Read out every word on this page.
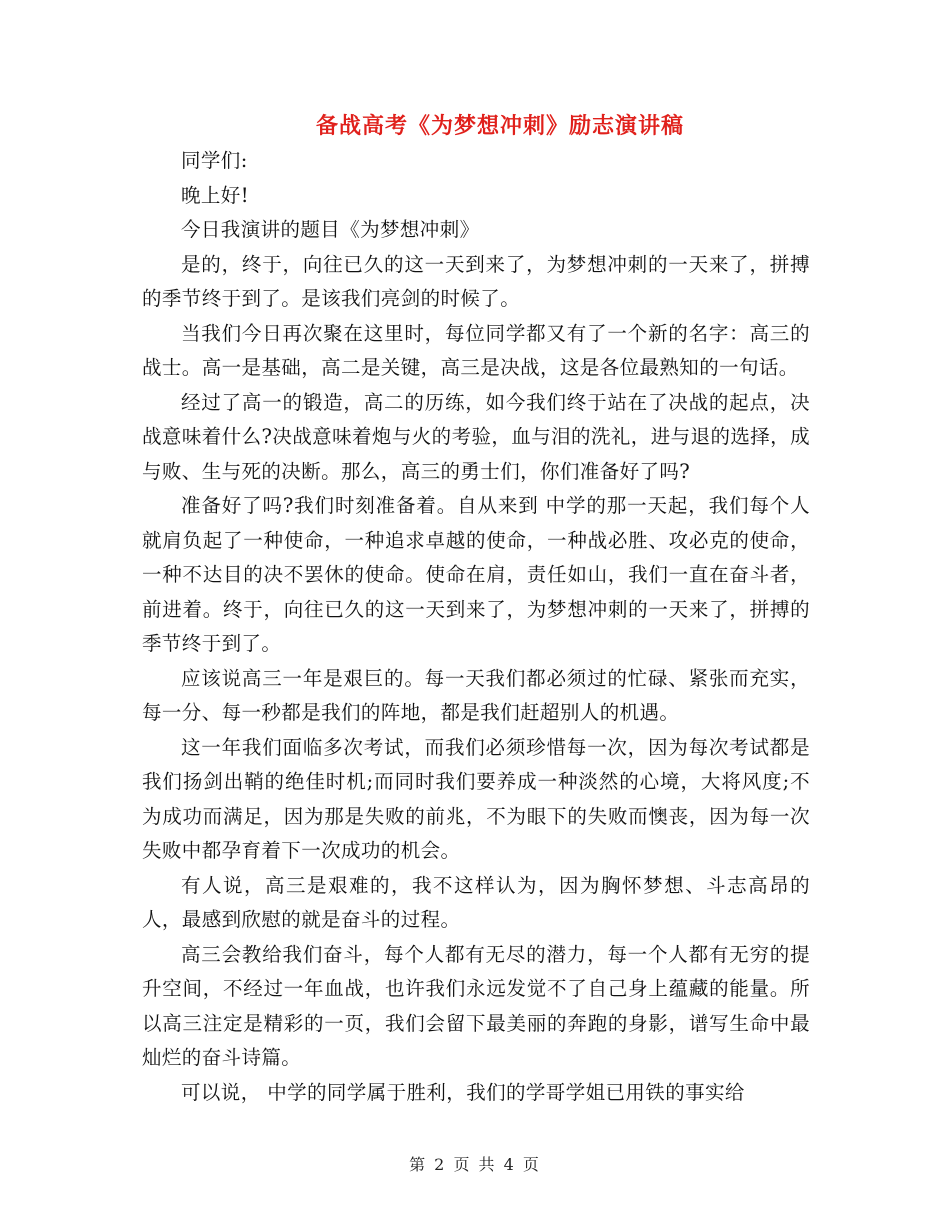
备战高考《为梦想冲刺》励志演讲稿

同学们:

晚上好!

今日我演讲的题目《为梦想冲刺》

是的，终于，向往已久的这一天到来了，为梦想冲刺的一天来了，拼搏的季节终于到了。是该我们亮剑的时候了。

当我们今日再次聚在这里时，每位同学都又有了一个新的名字：高三的战士。高一是基础，高二是关键，高三是决战，这是各位最熟知的一句话。

经过了高一的锻造，高二的历练，如今我们终于站在了决战的起点，决战意味着什么?决战意味着炮与火的考验，血与泪的洗礼，进与退的选择，成与败、生与死的决断。那么，高三的勇士们，你们准备好了吗?

准备好了吗?我们时刻准备着。自从来到 中学的那一天起，我们每个人就肩负起了一种使命，一种追求卓越的使命，一种战必胜、攻必克的使命，一种不达目的决不罢休的使命。使命在肩，责任如山，我们一直在奋斗者，前进着。终于，向往已久的这一天到来了，为梦想冲刺的一天来了，拼搏的季节终于到了。

应该说高三一年是艰巨的。每一天我们都必须过的忙碌、紧张而充实，每一分、每一秒都是我们的阵地，都是我们赶超别人的机遇。

这一年我们面临多次考试，而我们必须珍惜每一次，因为每次考试都是我们扬剑出鞘的绝佳时机;而同时我们要养成一种淡然的心境，大将风度;不为成功而满足，因为那是失败的前兆，不为眼下的失败而懊丧，因为每一次失败中都孕育着下一次成功的机会。

有人说，高三是艰难的，我不这样认为，因为胸怀梦想、斗志高昂的人，最感到欣慰的就是奋斗的过程。

高三会教给我们奋斗，每个人都有无尽的潜力，每一个人都有无穷的提升空间，不经过一年血战，也许我们永远发觉不了自己身上蕴藏的能量。所以高三注定是精彩的一页，我们会留下最美丽的奔跑的身影，谱写生命中最灿烂的奋斗诗篇。

可以说， 中学的同学属于胜利，我们的学哥学姐已用铁的事实给

第 2 页 共 4 页
